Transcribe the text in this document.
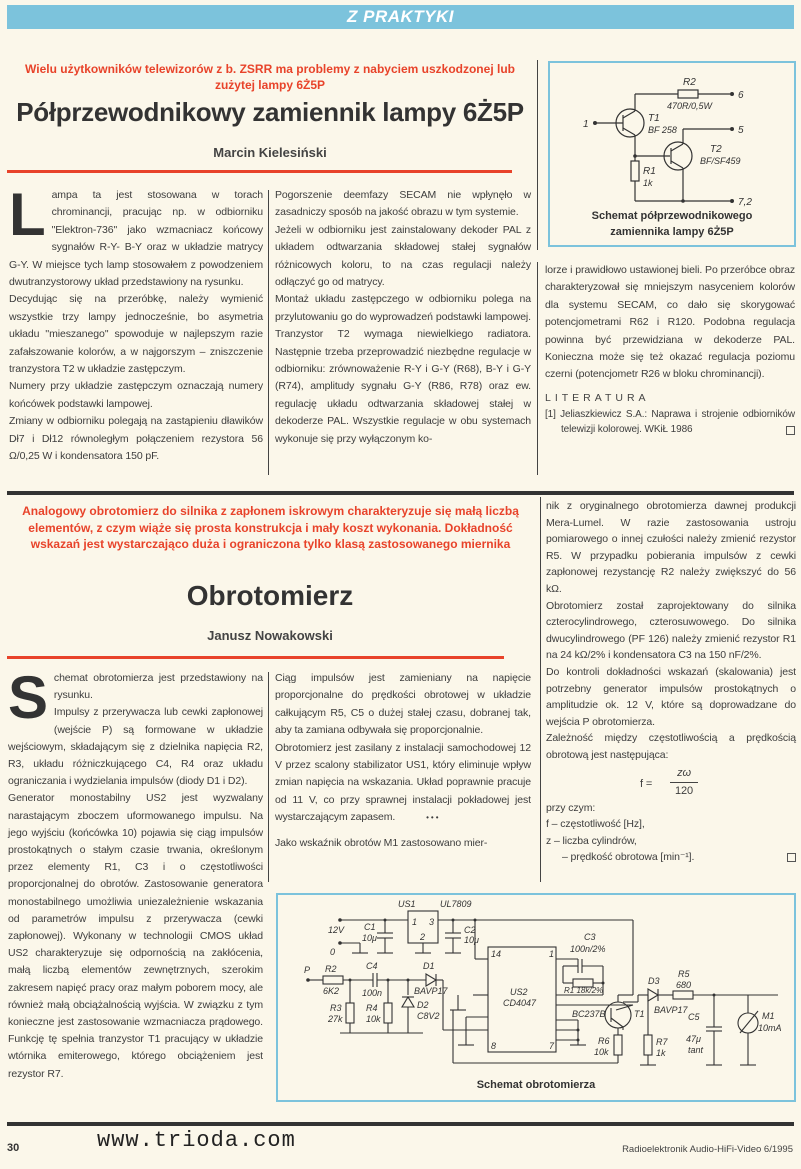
Z PRAKTYKI
Wielu użytkowników telewizorów z b. ZSRR ma problemy z nabyciem uszkodzonej lub zużytej lampy 6Ż5P
Półprzewodnikowy zamiennik lampy 6Ż5P
Marcin Kielesiński
L ampa ta jest stosowana w torach chrominancji, pracując np. w odbiorniku "Elektron-736" jako wzmacniacz końcowy sygnałów R-Y- B-Y oraz w układzie matrycy G-Y. W miejsce tych lamp stosowałem z powodzeniem dwutranzystorowy układ przedstawiony na rysunku.

Decydując się na przeróbkę, należy wymienić wszystkie trzy lampy jednocześnie, bo asymetria układu ''mieszanego'' spowoduje w najlepszym razie zafałszowanie kolorów, a w najgorszym – zniszczenie tranzystora T2 w układzie zastępczym.

Numery przy układzie zastępczym oznaczają numery końcówek podstawki lampowej.

Zmiany w odbiorniku polegają na zastąpieniu dławików Dł7 i Dł12 równoległym połączeniem rezystora 56 Ω/0,25 W i kondensatora 150 pF.

Pogorszenie deemfazy SECAM nie wpłynęło w zasadniczy sposób na jakość obrazu w tym systemie.

Jeżeli w odbiorniku jest zainstalowany dekoder PAL z układem odtwarzania składowej stałej sygnałów różnicowych koloru, to na czas regulacji należy odłączyć go od matrycy.

Montaż układu zastępczego w odbiorniku polega na przylutowaniu go do wyprowadzeń podstawki lampowej. Tranzystor T2 wymaga niewielkiego radiatora. Następnie trzeba przeprowadzić niezbędne regulacje w odbiorniku: zrównoważenie R-Y i G-Y (R68), B-Y i G-Y (R74), amplitudy sygnału G-Y (R86, R78) oraz ew. regulację układu odtwarzania składowej stałej w dekoderze PAL. Wszystkie regulacje w obu systemach wykonuje się przy wyłączonym ko-

R2
470R/0,5W
6
1
T1
BF 258	5
T2
BF/SF459
R1
1k
7,2
Schemat półprzewodnikowego zamiennika lampy 6Ż5P

lorze i prawidłowo ustawionej bieli. Po przeróbce obraz charakteryzował się mniejszym nasyceniem kolorów dla systemu SECAM, co dało się skorygować potencjometrami R62 i R120. Podobna regulacja powinna być przewidziana w dekoderze PAL. Konieczna może się też okazać regulacja poziomu czerni (potencjometr R26 w bloku chrominancji).

LITERATURA

[1] Jeliaszkiewicz S.A.: Naprawa i strojenie odbiorników telewizji kolorowej. WKiŁ 1986

Analogowy obrotomierz do silnika z zapłonem iskrowym charakteryzuje się małą liczbą elementów, z czym wiąże się prosta konstrukcja i mały koszt wykonania. Dokładność wskazań jest wystarczająco duża i ograniczona tylko klasą zastosowanego miernika
Obrotomierz
Janusz Nowakowski
S chemat obrotomierza jest przedstawiony na rysunku.

Impulsy z przerywacza lub cewki zapłonowej (wejście P) są formowane w układzie wejściowym, składającym się z dzielnika napięcia R2, R3, układu różniczkującego C4, R4 oraz układu ograniczania i wydzielania impulsów (diody D1 i D2).

Generator monostabilny US2 jest wyzwalany narastającym zboczem uformowanego impulsu. Na jego wyjściu (końcówka 10) pojawia się ciąg impulsów prostokątnych o stałym czasie trwania, określonym przez elementy R1, C3 i o częstotliwości proporcjonalnej do obrotów. Zastosowanie generatora monostabilnego umożliwia uniezależnienie wskazania od parametrów impulsu z przerywacza (cewki zapłonowej). Wykonany w technologii CMOS układ US2 charakteryzuje się odpornością na zakłócenia, małą liczbą elementów zewnętrznych, szerokim zakresem napięć pracy oraz małym poborem mocy, ale również małą obciążalnością wyjścia. W związku z tym konieczne jest zastosowanie wzmacniacza prądowego. Funkcję tę spełnia tranzystor T1 pracujący w układzie wtórnika emiterowego, którego obciążeniem jest rezystor R7.

Ciąg impulsów jest zamieniany na napięcie proporcjonalne do prędkości obrotowej w układzie całkującym R5, C5 o dużej stałej czasu, dobranej tak, aby ta zamiana odbywała się proporcjonalnie.

Obrotomierz jest zasilany z instalacji samochodowej 12 V przez scalony stabilizator US1, który eliminuje wpływ zmian napięcia na wskazania. Układ poprawnie pracuje od 11 V, co przy sprawnej instalacji pokładowej jest wystarczającym zapasem.	• • •

Jako wskaźnik obrotów M1 zastosowano mier-

nik z oryginalnego obrotomierza dawnej produkcji Mera-Lumel. W razie zastosowania ustroju pomiarowego o innej czułości należy zmienić rezystor R5. W przypadku pobierania impulsów z cewki zapłonowej rezystancję R2 należy zwiększyć do 56 kΩ.

Obrotomierz został zaprojektowany do silnika czterocylindrowego, czterosuwowego. Do silnika dwucylindrowego (PF 126) należy zmienić rezystor R1 na 24 kΩ/2% i kondensatora C3 na 150 nF/2%.

Do kontroli dokładności wskazań (skalowania) jest potrzebny generator impulsów prostokątnych o amplitudzie ok. 12 V, które są doprowadzane do wejścia P obrotomierza.

Zależność między częstotliwością a prędkością obrotową jest następująca:

f =
zω
120

przy czym:

f – częstotliwość [Hz],

z – liczba cylindrów,

– prędkość obrotowa [min⁻¹].

US1	UL7809
1 3
2
12V
0
C1
10μ
C2
10μ
P R2
6K2
C4
100n
D1
BAVP17
R3
27k
R4
10k
D2
C8V2
14	1
US2
CD4047
8	7
C3
100n/2%
R1 18k/2%
BC237B	T1
R6
10k
D3
BAVP17
R5
680
R7
1k
C5
47μ
tant
M1
10mA
Schemat obrotomierza
30	www.trioda.com	Radioelektronik Audio-HiFi-Video 6/1995
